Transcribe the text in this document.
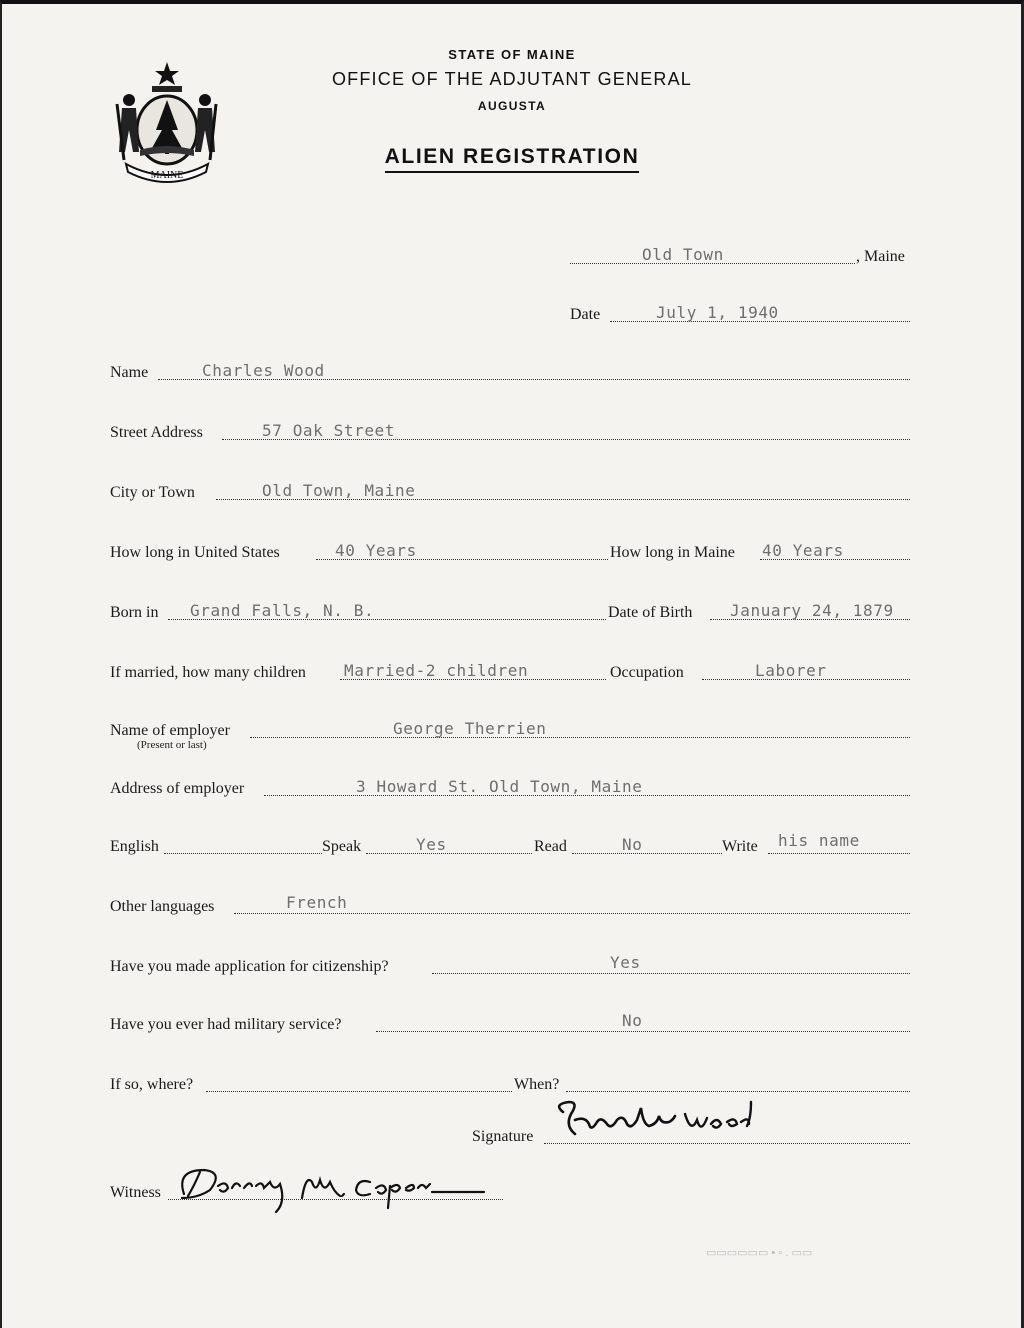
MAINE
STATE OF MAINE
OFFICE OF THE ADJUTANT GENERAL
AUGUSTA
ALIEN REGISTRATION
Old Town	, Maine
Date	July 1, 1940
Name	Charles Wood
Street Address	57 Oak Street
City or Town	Old Town, Maine
How long in United States	40 Years	How long in Maine 40 Years
Born in Grand Falls, N. B.	Date of Birth January 24, 1879
If married, how many children Married-2 children	Occupation	Laborer
Name of employer	George Therrien
(Present or last)
Address of employer	3 Howard St. Old Town, Maine
English	Speak	Yes	Read	No	Write his name
Other languages	French
Have you made application for citizenship?	Yes
Have you ever had military service?	No
If so, where?	When?
Signature
Witness
▭▭▭▭▭▭ ▪ ▫ . ▭▭
